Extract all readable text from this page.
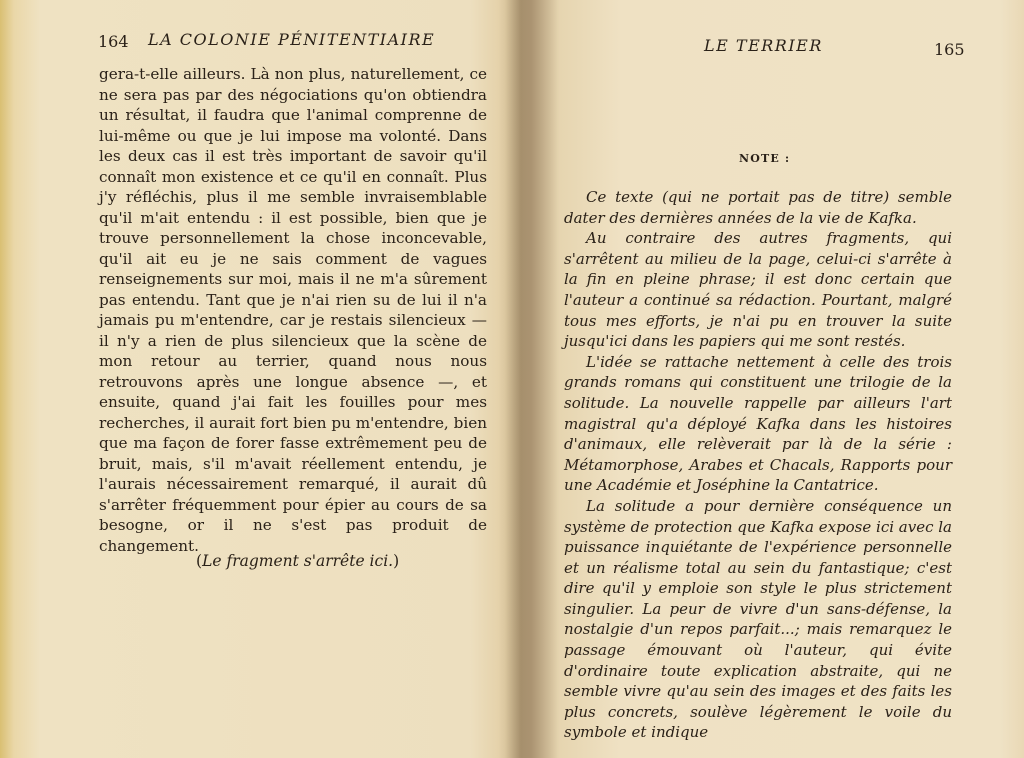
164 LA COLONIE PÉNITENTIAIRE

gera-t-elle ailleurs. Là non plus, naturellement, ce ne sera pas par des négociations qu'on obtiendra un résultat, il faudra que l'animal comprenne de lui-même ou que je lui impose ma volonté. Dans les deux cas il est très important de savoir qu'il connaît mon existence et ce qu'il en connaît. Plus j'y réfléchis, plus il me semble invraisemblable qu'il m'ait entendu : il est possible, bien que je trouve personnellement la chose inconcevable, qu'il ait eu je ne sais comment de vagues renseignements sur moi, mais il ne m'a sûrement pas entendu. Tant que je n'ai rien su de lui il n'a jamais pu m'entendre, car je restais silencieux — il n'y a rien de plus silencieux que la scène de mon retour au terrier, quand nous nous retrouvons après une longue absence —, et ensuite, quand j'ai fait les fouilles pour mes recherches, il aurait fort bien pu m'entendre, bien que ma façon de forer fasse extrêmement peu de bruit, mais, s'il m'avait réellement entendu, je l'aurais nécessairement remarqué, il aurait dû s'arrêter fréquemment pour épier au cours de sa besogne, or il ne s'est pas produit de changement.

(Le fragment s'arrête ici.)
LE TERRIER	165
NOTE :

Ce texte (qui ne portait pas de titre) semble dater des dernières années de la vie de Kafka.

Au contraire des autres fragments, qui s'arrêtent au milieu de la page, celui-ci s'arrête à la fin en pleine phrase; il est donc certain que l'auteur a continué sa rédaction. Pourtant, malgré tous mes efforts, je n'ai pu en trouver la suite jusqu'ici dans les papiers qui me sont restés.

L'idée se rattache nettement à celle des trois grands romans qui constituent une trilogie de la solitude. La nouvelle rappelle par ailleurs l'art magistral qu'a déployé Kafka dans les histoires d'animaux, elle relèverait par là de la série : Métamorphose, Arabes et Chacals, Rapports pour une Académie et Joséphine la Cantatrice.

La solitude a pour dernière conséquence un système de protection que Kafka expose ici avec la puissance inquiétante de l'expérience personnelle et un réalisme total au sein du fantastique; c'est dire qu'il y emploie son style le plus strictement singulier. La peur de vivre d'un sans-défense, la nostalgie d'un repos parfait...; mais remarquez le passage émouvant où l'auteur, qui évite d'ordinaire toute explication abstraite, qui ne semble vivre qu'au sein des images et des faits les plus concrets, soulève légèrement le voile du symbole et indique
